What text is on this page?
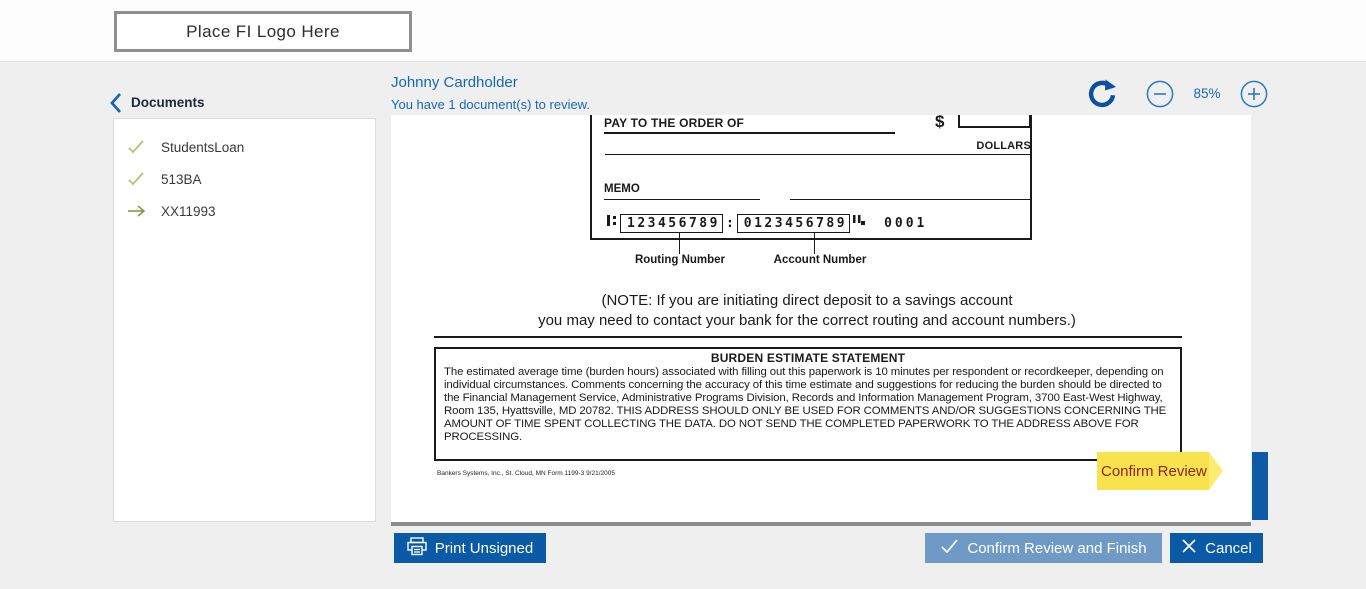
Place FI Logo Here
Documents
Johnny Cardholder
You have 1 document(s) to review.
85%
StudentsLoan
513BA
XX11993
PAY TO THE ORDER OF	$
DOLLARS
MEMO
123456789 : 0123456789	0001
Routing Number	Account Number
(NOTE: If you are initiating direct deposit to a savings account
you may need to contact your bank for the correct routing and account numbers.)
BURDEN ESTIMATE STATEMENT
The estimated average time (burden hours) associated with filling out this paperwork is 10 minutes per respondent or recordkeeper, depending on individual circumstances. Comments concerning the accuracy of this time estimate and suggestions for reducing the burden should be directed to the Financial Management Service, Administrative Programs Division, Records and Information Management Program, 3700 East-West Highway, Room 135, Hyattsville, MD 20782. THIS ADDRESS SHOULD ONLY BE USED FOR COMMENTS AND/OR SUGGESTIONS CONCERNING THE AMOUNT OF TIME SPENT COLLECTING THE DATA. DO NOT SEND THE COMPLETED PAPERWORK TO THE ADDRESS ABOVE FOR PROCESSING.
Bankers Systems, Inc., St. Cloud, MN Form 1199-3 9/21/2005	Confirm Review
Print Unsigned	Confirm Review and Finish	Cancel
